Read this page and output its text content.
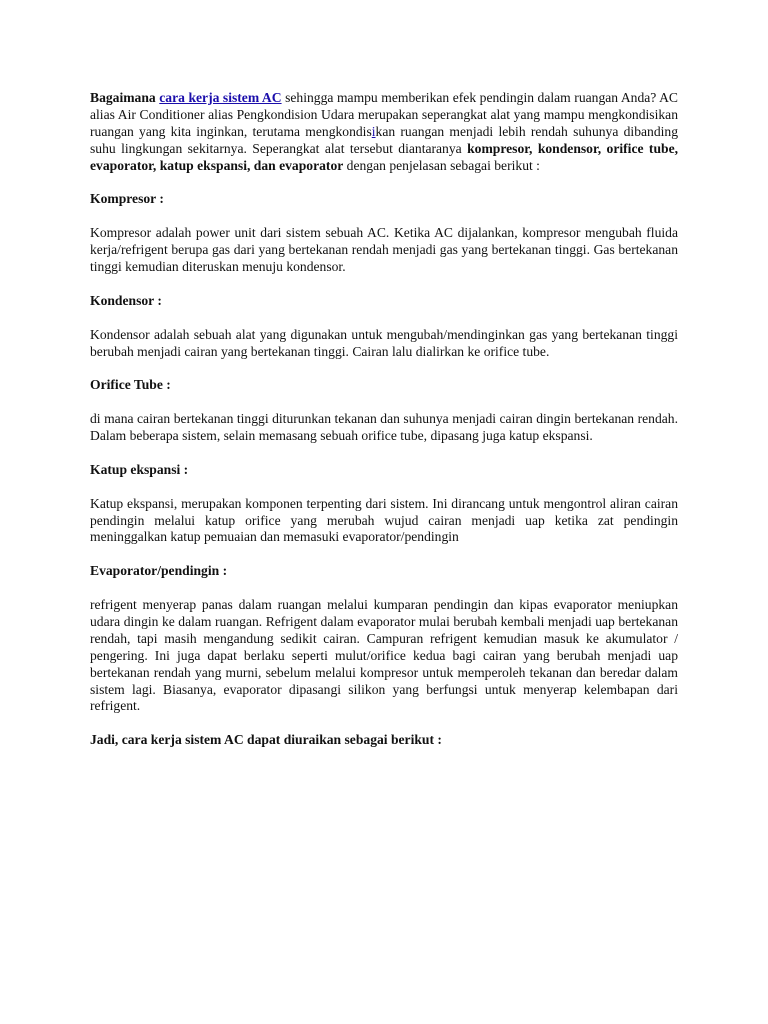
Bagaimana cara kerja sistem AC sehingga mampu memberikan efek pendingin dalam ruangan Anda? AC alias Air Conditioner alias Pengkondision Udara merupakan seperangkat alat yang mampu mengkondisikan ruangan yang kita inginkan, terutama mengkondisikan ruangan menjadi lebih rendah suhunya dibanding suhu lingkungan sekitarnya. Seperangkat alat tersebut diantaranya kompresor, kondensor, orifice tube, evaporator, katup ekspansi, dan evaporator dengan penjelasan sebagai berikut :

Kompresor :

Kompresor adalah power unit dari sistem sebuah AC. Ketika AC dijalankan, kompresor mengubah fluida kerja/refrigent berupa gas dari yang bertekanan rendah menjadi gas yang bertekanan tinggi. Gas bertekanan tinggi kemudian diteruskan menuju kondensor.

Kondensor :

Kondensor adalah sebuah alat yang digunakan untuk mengubah/mendinginkan gas yang bertekanan tinggi berubah menjadi cairan yang bertekanan tinggi. Cairan lalu dialirkan ke orifice tube.

Orifice Tube :

di mana cairan bertekanan tinggi diturunkan tekanan dan suhunya menjadi cairan dingin bertekanan rendah. Dalam beberapa sistem, selain memasang sebuah orifice tube, dipasang juga katup ekspansi.

Katup ekspansi :

Katup ekspansi, merupakan komponen terpenting dari sistem. Ini dirancang untuk mengontrol aliran cairan pendingin melalui katup orifice yang merubah wujud cairan menjadi uap ketika zat pendingin meninggalkan katup pemuaian dan memasuki evaporator/pendingin

Evaporator/pendingin :

refrigent menyerap panas dalam ruangan melalui kumparan pendingin dan kipas evaporator meniupkan udara dingin ke dalam ruangan. Refrigent dalam evaporator mulai berubah kembali menjadi uap bertekanan rendah, tapi masih mengandung sedikit cairan. Campuran refrigent kemudian masuk ke akumulator / pengering. Ini juga dapat berlaku seperti mulut/orifice kedua bagi cairan yang berubah menjadi uap bertekanan rendah yang murni, sebelum melalui kompresor untuk memperoleh tekanan dan beredar dalam sistem lagi. Biasanya, evaporator dipasangi silikon yang berfungsi untuk menyerap kelembapan dari refrigent.

Jadi, cara kerja sistem AC dapat diuraikan sebagai berikut :
